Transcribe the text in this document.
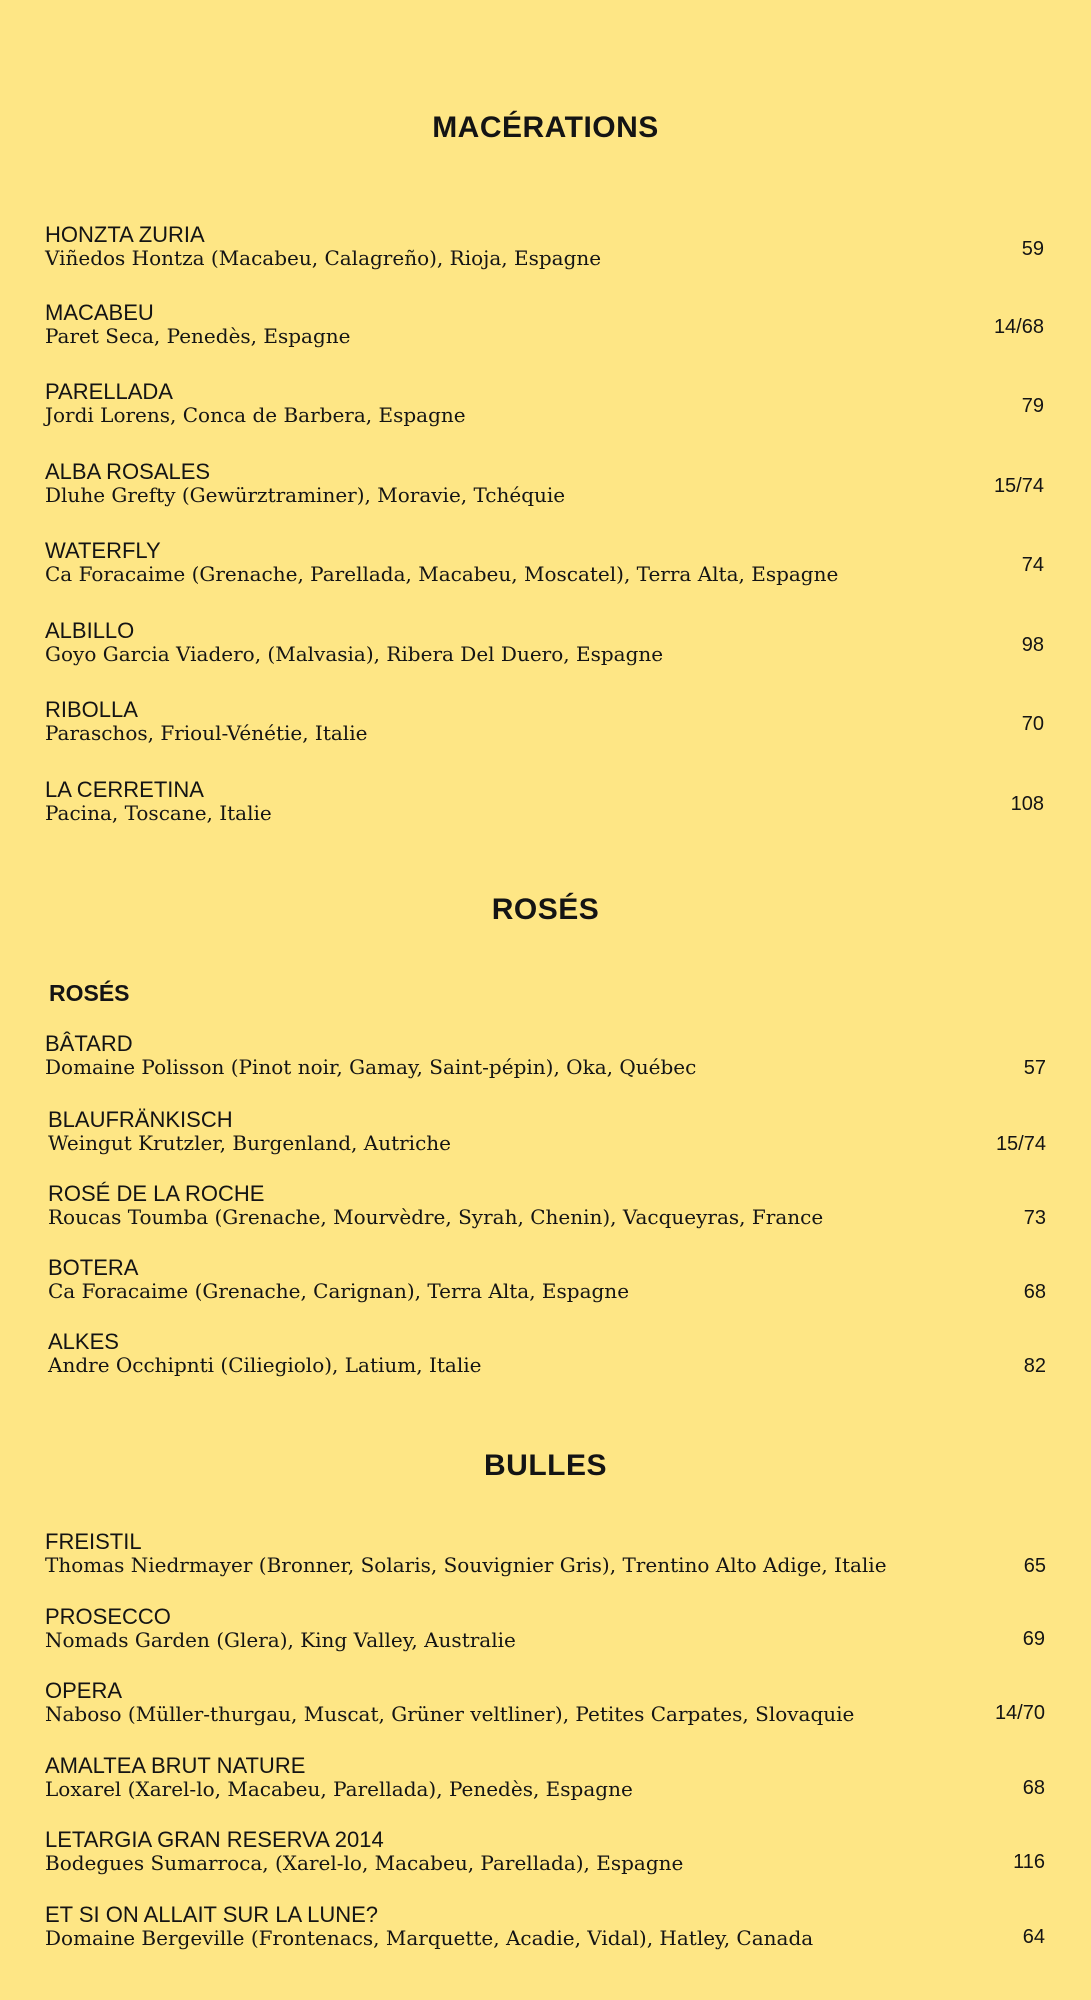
MACÉRATIONS
HONZTA ZURIA
Viñedos Hontza (Macabeu, Calagreño), Rioja, Espagne	59
MACABEU
Paret Seca, Penedès, Espagne	14/68
PARELLADA
Jordi Lorens, Conca de Barbera, Espagne	79
ALBA ROSALES
Dluhe Grefty (Gewürztraminer), Moravie, Tchéquie	15/74
WATERFLY
Ca Foracaime (Grenache, Parellada, Macabeu, Moscatel), Terra Alta, Espagne	74
ALBILLO
Goyo Garcia Viadero, (Malvasia), Ribera Del Duero, Espagne	98
RIBOLLA
Paraschos, Frioul-Vénétie, Italie	70
LA CERRETINA
Pacina, Toscane, Italie	108
ROSÉS
ROSÉS
BÂTARD
Domaine Polisson (Pinot noir, Gamay, Saint-pépin), Oka, Québec	57
BLAUFRÄNKISCH
Weingut Krutzler, Burgenland, Autriche	15/74
ROSÉ DE LA ROCHE
Roucas Toumba (Grenache, Mourvèdre, Syrah, Chenin), Vacqueyras, France	73
BOTERA
Ca Foracaime (Grenache, Carignan), Terra Alta, Espagne	68
ALKES
Andre Occhipnti (Ciliegiolo), Latium, Italie	82
BULLES
FREISTIL
Thomas Niedrmayer (Bronner, Solaris, Souvignier Gris), Trentino Alto Adige, Italie	65
PROSECCO
Nomads Garden (Glera), King Valley, Australie	69
OPERA
Naboso (Müller-thurgau, Muscat, Grüner veltliner), Petites Carpates, Slovaquie	14/70
AMALTEA BRUT NATURE
Loxarel (Xarel-lo, Macabeu, Parellada), Penedès, Espagne	68
LETARGIA GRAN RESERVA 2014
Bodegues Sumarroca, (Xarel-lo, Macabeu, Parellada), Espagne	116
ET SI ON ALLAIT SUR LA LUNE?
Domaine Bergeville (Frontenacs, Marquette, Acadie, Vidal), Hatley, Canada	64
